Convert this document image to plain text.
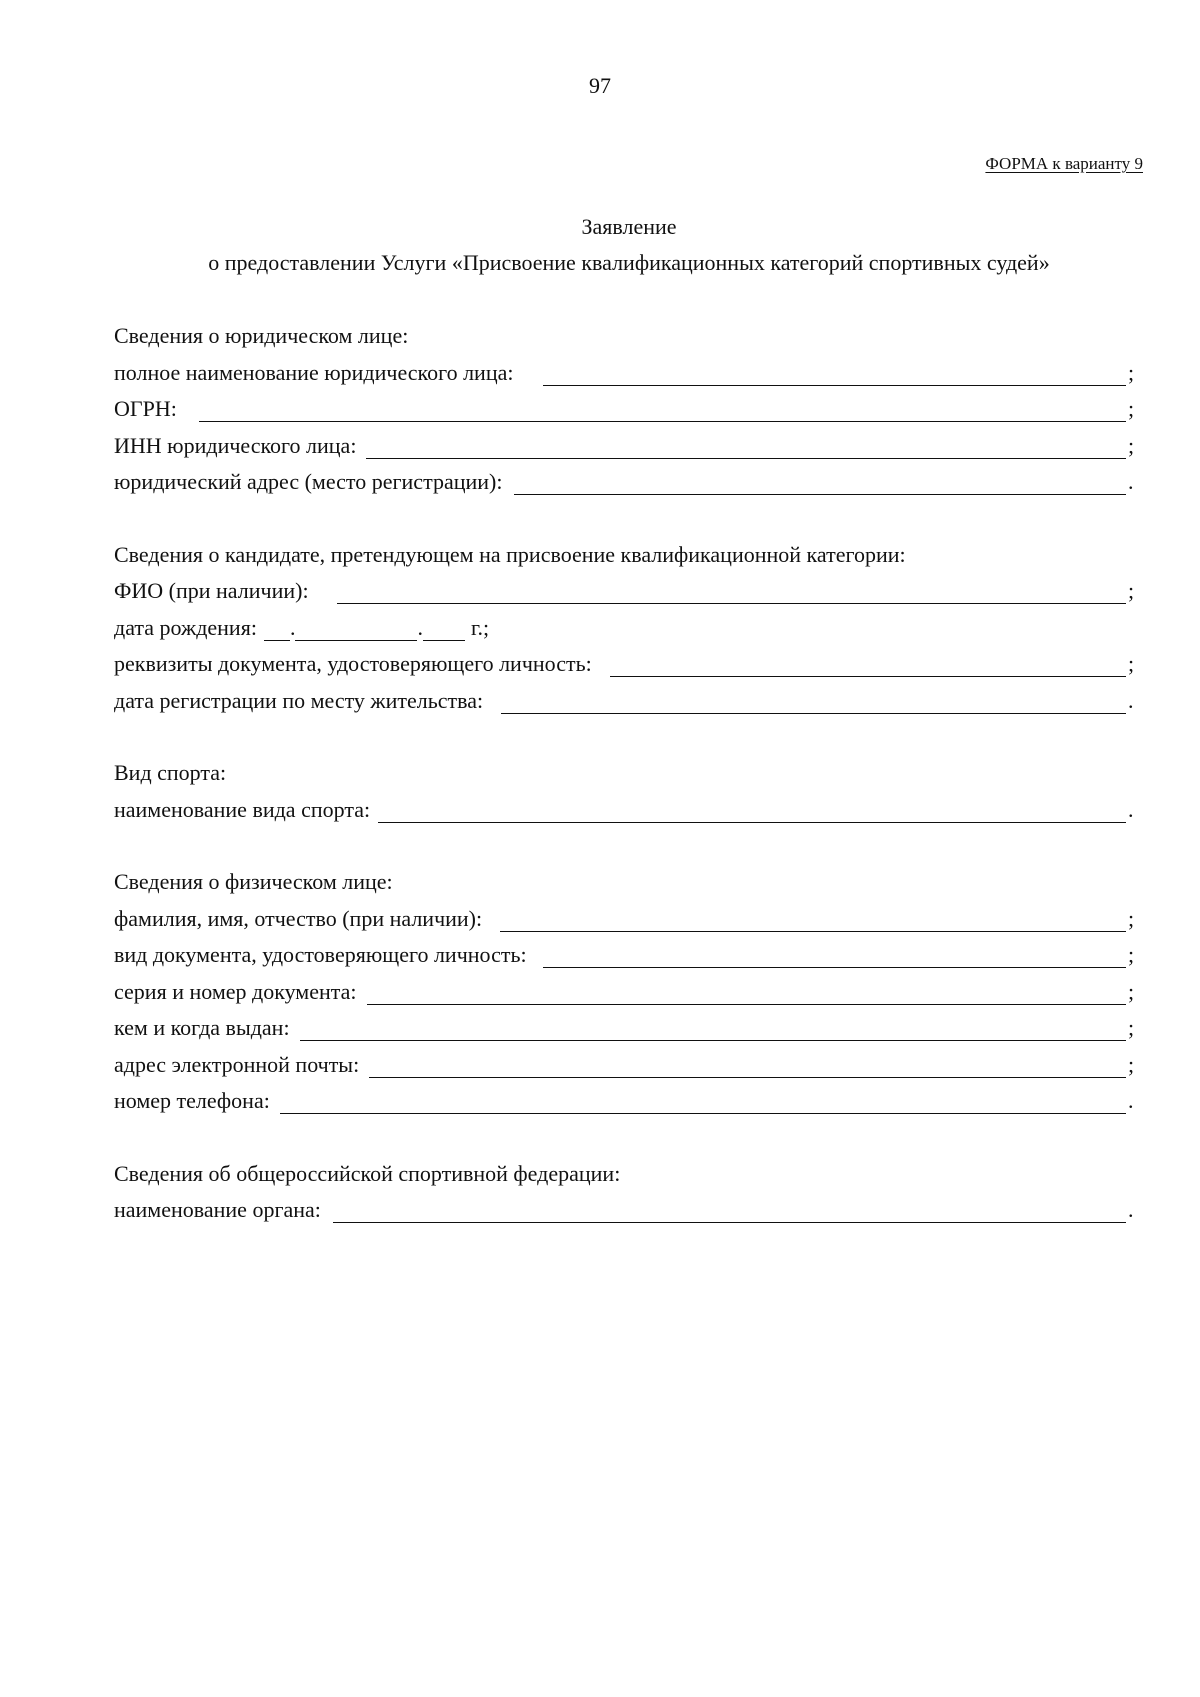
97
ФОРМА к варианту 9
Заявление
о предоставлении Услуги «Присвоение квалификационных категорий спортивных судей»
Сведения о юридическом лице:
полное наименование юридического лица:	;
ОГРН:	;
ИНН юридического лица:	;
юридический адрес (место регистрации):	.
Сведения о кандидате, претендующем на присвоение квалификационной категории:
ФИО (при наличии):	;
дата рождения: .	. г.;
реквизиты документа, удостоверяющего личность:	;
дата регистрации по месту жительства:	.
Вид спорта:
наименование вида спорта:	.
Сведения о физическом лице:
фамилия, имя, отчество (при наличии):	;
вид документа, удостоверяющего личность:	;
серия и номер документа:	;
кем и когда выдан:	;
адрес электронной почты:	;
номер телефона:	.
Сведения об общероссийской спортивной федерации:
наименование органа:	.
